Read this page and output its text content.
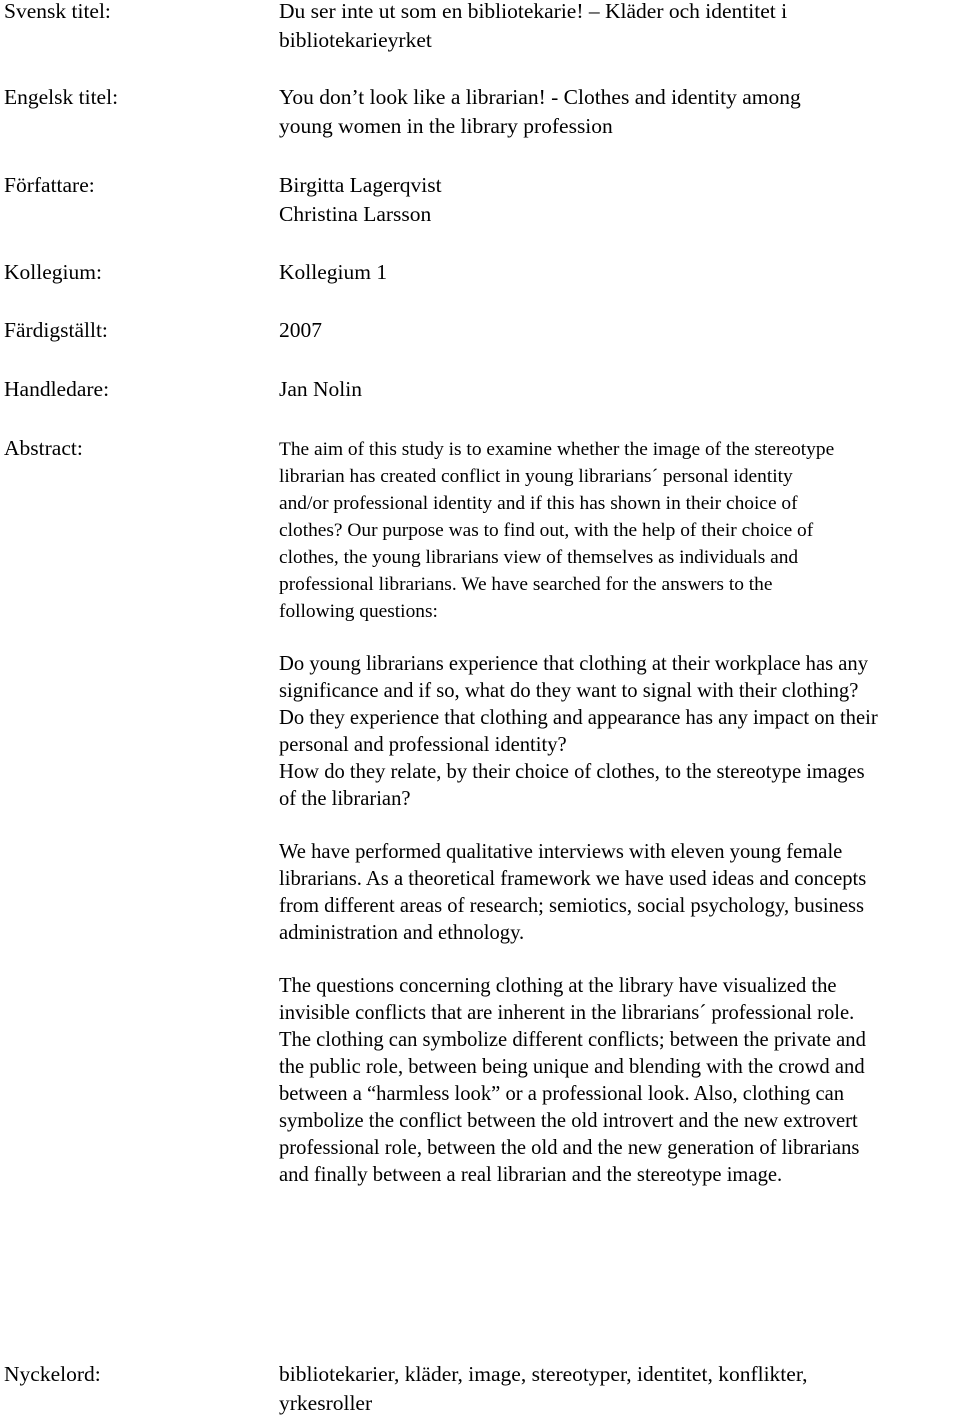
Svensk titel:	Du ser inte ut som en bibliotekarie! – Kläder och identitet i
bibliotekarieyrket
Engelsk titel:	You don’t look like a librarian! - Clothes and identity among
young women in the library profession
Författare:	Birgitta Lagerqvist
Christina Larsson
Kollegium:	Kollegium 1
Färdigställt:	2007
Handledare:	Jan Nolin
Abstract:	The aim of this study is to examine whether the image of the stereotype
librarian has created conflict in young librarians´ personal identity
and/or professional identity and if this has shown in their choice of
clothes? Our purpose was to find out, with the help of their choice of
clothes, the young librarians view of themselves as individuals and
professional librarians. We have searched for the answers to the
following questions:
Do young librarians experience that clothing at their workplace has any
significance and if so, what do they want to signal with their clothing?
Do they experience that clothing and appearance has any impact on their
personal and professional identity?
How do they relate, by their choice of clothes, to the stereotype images
of the librarian?
We have performed qualitative interviews with eleven young female
librarians. As a theoretical framework we have used ideas and concepts
from different areas of research; semiotics, social psychology, business
administration and ethnology.
The questions concerning clothing at the library have visualized the
invisible conflicts that are inherent in the librarians´ professional role.
The clothing can symbolize different conflicts; between the private and
the public role, between being unique and blending with the crowd and
between a “harmless look” or a professional look. Also, clothing can
symbolize the conflict between the old introvert and the new extrovert
professional role, between the old and the new generation of librarians
and finally between a real librarian and the stereotype image.
Nyckelord:	bibliotekarier, kläder, image, stereotyper, identitet, konflikter,
yrkesroller
